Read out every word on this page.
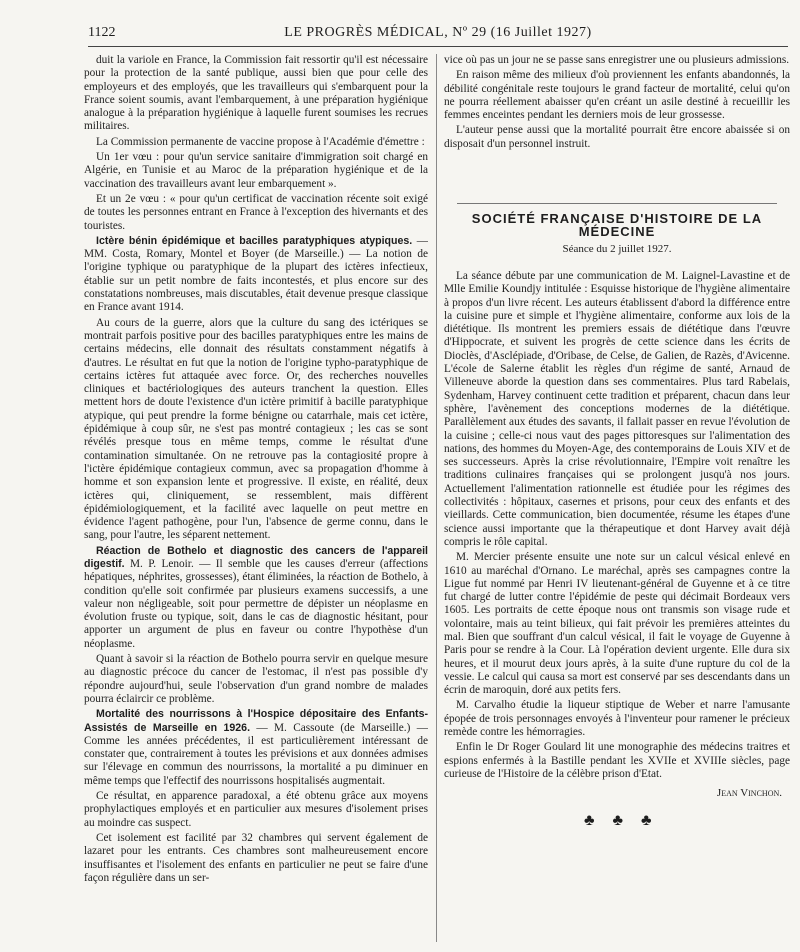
1122	LE PROGRÈS MÉDICAL, Nº 29 (16 Juillet 1927)

duit la variole en France, la Commission fait ressortir qu'il est nécessaire pour la protection de la santé publique, aussi bien que pour celle des employeurs et des employés, que les travailleurs qui s'embarquent pour la France soient soumis, avant l'embarquement, à une préparation hygiénique analogue à la préparation hygiénique à laquelle furent soumises les recrues militaires.

La Commission permanente de vaccine propose à l'Académie d'émettre :

Un 1er vœu : pour qu'un service sanitaire d'immigration soit chargé en Algérie, en Tunisie et au Maroc de la préparation hygiénique et de la vaccination des travailleurs avant leur embarquement ».

Et un 2e vœu : « pour qu'un certificat de vaccination récente soit exigé de toutes les personnes entrant en France à l'exception des hivernants et des touristes.

Ictère bénin épidémique et bacilles paratyphiques atypiques. — MM. Costa, Romary, Montel et Boyer (de Marseille.) — La notion de l'origine typhique ou paratyphique de la plupart des ictères infectieux, établie sur un petit nombre de faits incontestés, et plus encore sur des constatations nombreuses, mais discutables, était devenue presque classique en France avant 1914.

Au cours de la guerre, alors que la culture du sang des ictériques se montrait parfois positive pour des bacilles paratyphiques entre les mains de certains médecins, elle donnait des résultats constamment négatifs à d'autres. Le résultat en fut que la notion de l'origine typho-paratyphique de certains ictères fut attaquée avec force. Or, des recherches nouvelles cliniques et bactériologiques des auteurs tranchent la question. Elles mettent hors de doute l'existence d'un ictère primitif à bacille paratyphique atypique, qui peut prendre la forme bénigne ou catarrhale, mais cet ictère, épidémique à coup sûr, ne s'est pas montré contagieux ; les cas se sont révélés presque tous en même temps, comme le résultat d'une contamination simultanée. On ne retrouve pas la contagiosité propre à l'ictère épidémique contagieux commun, avec sa propagation d'homme à homme et son expansion lente et progressive. Il existe, en réalité, deux ictères qui, cliniquement, se ressemblent, mais diffèrent épidémiologiquement, et la facilité avec laquelle on peut mettre en évidence l'agent pathogène, pour l'un, l'absence de germe connu, dans le sang, pour l'autre, les séparent nettement.

Réaction de Bothelo et diagnostic des cancers de l'appareil digestif. M. P. Lenoir. — Il semble que les causes d'erreur (affections hépatiques, néphrites, grossesses), étant éliminées, la réaction de Bothelo, à condition qu'elle soit confirmée par plusieurs examens successifs, a une valeur non négligeable, soit pour permettre de dépister un néoplasme en évolution fruste ou typique, soit, dans le cas de diagnostic hésitant, pour apporter un argument de plus en faveur ou contre l'hypothèse d'un néoplasme.

Quant à savoir si la réaction de Bothelo pourra servir en quelque mesure au diagnostic précoce du cancer de l'estomac, il n'est pas possible d'y répondre aujourd'hui, seule l'observation d'un grand nombre de malades pourra éclaircir ce problème.

Mortalité des nourrissons à l'Hospice dépositaire des Enfants-Assistés de Marseille en 1926. — M. Cassoute (de Marseille.) — Comme les années précédentes, il est particulièrement intéressant de constater que, contrairement à toutes les prévisions et aux données admises sur l'élevage en commun des nourrissons, la mortalité a pu diminuer en même temps que l'effectif des nourrissons hospitalisés augmentait.

Ce résultat, en apparence paradoxal, a été obtenu grâce aux moyens prophylactiques employés et en particulier aux mesures d'isolement prises au moindre cas suspect.

Cet isolement est facilité par 32 chambres qui servent également de lazaret pour les entrants. Ces chambres sont malheureusement encore insuffisantes et l'isolement des enfants en particulier ne peut se faire d'une façon régulière dans un ser-

vice où pas un jour ne se passe sans enregistrer une ou plusieurs admissions.

En raison même des milieux d'où proviennent les enfants abandonnés, la débilité congénitale reste toujours le grand facteur de mortalité, celui qu'on ne pourra réellement abaisser qu'en créant un asile destiné à recueillir les femmes enceintes pendant les derniers mois de leur grossesse.

L'auteur pense aussi que la mortalité pourrait être encore abaissée si on disposait d'un personnel instruit.

SOCIÉTÉ FRANÇAISE D'HISTOIRE DE LA MÉDECINE
Séance du 2 juillet 1927.

La séance débute par une communication de M. Laignel-Lavastine et de Mlle Emilie Koundjy intitulée : Esquisse historique de l'hygiène alimentaire à propos d'un livre récent. Les auteurs établissent d'abord la différence entre la cuisine pure et simple et l'hygiène alimentaire, conforme aux lois de la diététique. Ils montrent les premiers essais de diététique dans l'œuvre d'Hippocrate, et suivent les progrès de cette science dans les écrits de Dioclès, d'Asclépiade, d'Oribase, de Celse, de Galien, de Razès, d'Avicenne. L'école de Salerne établit les règles d'un régime de santé, Arnaud de Villeneuve aborde la question dans ses commentaires. Plus tard Rabelais, Sydenham, Harvey continuent cette tradition et préparent, chacun dans leur sphère, l'avènement des conceptions modernes de la diététique. Parallèlement aux études des savants, il fallait passer en revue l'évolution de la cuisine ; celle-ci nous vaut des pages pittoresques sur l'alimentation des nations, des hommes du Moyen-Age, des contemporains de Louis XIV et de ses successeurs. Après la crise révolutionnaire, l'Empire voit renaître les traditions culinaires françaises qui se prolongent jusqu'à nos jours. Actuellement l'alimentation rationnelle est étudiée pour les régimes des collectivités : hôpitaux, casernes et prisons, pour ceux des enfants et des vieillards. Cette communication, bien documentée, résume les étapes d'une science aussi importante que la thérapeutique et dont Harvey avait déjà compris le rôle capital.

M. Mercier présente ensuite une note sur un calcul vésical enlevé en 1610 au maréchal d'Ornano. Le maréchal, après ses campagnes contre la Ligue fut nommé par Henri IV lieutenant-général de Guyenne et à ce titre fut chargé de lutter contre l'épidémie de peste qui décimait Bordeaux vers 1605. Les portraits de cette époque nous ont transmis son visage rude et volontaire, mais au teint bilieux, qui fait prévoir les premières atteintes du mal. Bien que souffrant d'un calcul vésical, il fait le voyage de Guyenne à Paris pour se rendre à la Cour. Là l'opération devient urgente. Elle dura six heures, et il mourut deux jours après, à la suite d'une rupture du col de la vessie. Le calcul qui causa sa mort est conservé par ses descendants dans un écrin de maroquin, doré aux petits fers.

M. Carvalho étudie la liqueur stiptique de Weber et narre l'amusante épopée de trois personnages envoyés à l'inventeur pour ramener le précieux remède contre les hémorragies.

Enfin le Dr Roger Goulard lit une monographie des médecins traitres et espions enfermés à la Bastille pendant les XVIIe et XVIIIe siècles, page curieuse de l'Histoire de la célèbre prison d'Etat.

Jean Vinchon.
♣ ♣ ♣
